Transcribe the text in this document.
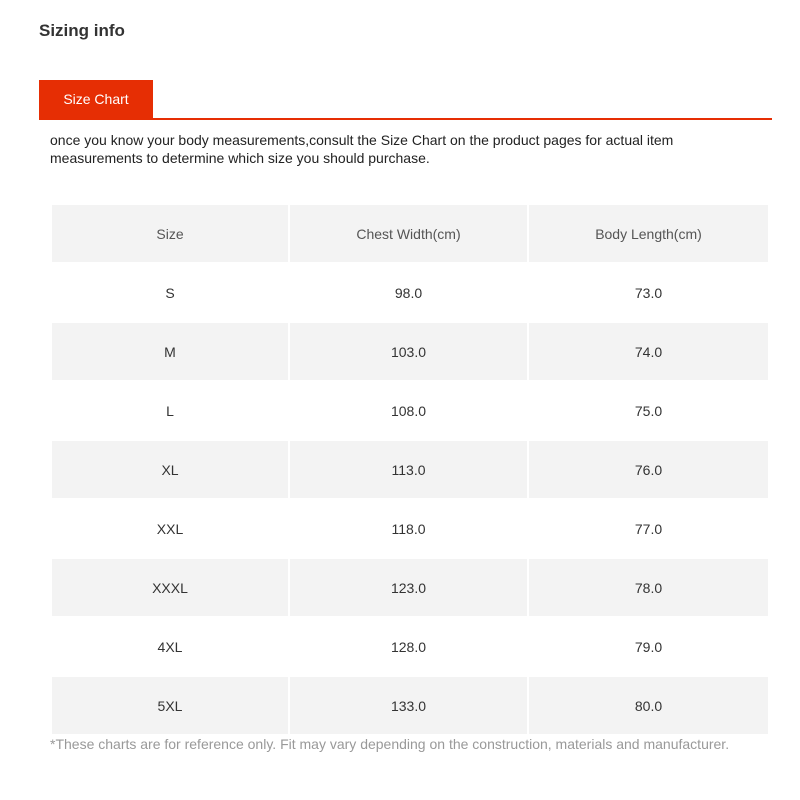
Sizing info
Size Chart
once you know your body measurements,consult the Size Chart on the product pages for actual item measurements to determine which size you should purchase.
Size	Chest Width(cm)	Body Length(cm)
S	98.0	73.0
M	103.0	74.0
L	108.0	75.0
XL	113.0	76.0
XXL	118.0	77.0
XXXL	123.0	78.0
4XL	128.0	79.0
5XL	133.0	80.0
*These charts are for reference only. Fit may vary depending on the construction, materials and manufacturer.
